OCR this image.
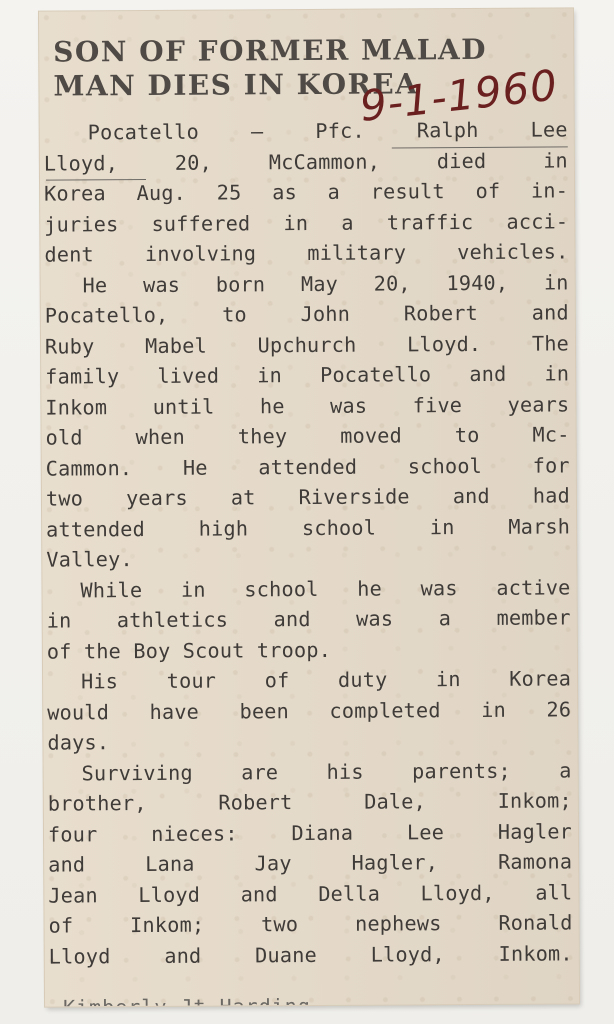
SON OF FORMER MALAD MAN DIES IN KOREA
9-1-1960
Pocatello — Pfc. Ralph Lee
Lloyd, 20, McCammon, died in
Korea Aug. 25 as a result of in-
juries suffered in a traffic acci-
dent involving military vehicles.
He was born May 20, 1940, in
Pocatello, to John Robert and
Ruby Mabel Upchurch Lloyd. The
family lived in Pocatello and in
Inkom until he was five years
old when they moved to Mc-
Cammon. He attended school for
two years at Riverside and had
attended high school in Marsh
Valley.
While in school he was active
in athletics and was a member
of the Boy Scout troop.
His tour of duty in Korea
would have been completed in 26
days.
Surviving are his parents; a
brother, Robert Dale, Inkom;
four nieces: Diana Lee Hagler
and Lana Jay Hagler, Ramona
Jean Lloyd and Della Lloyd, all
of Inkom; two nephews Ronald
Lloyd and Duane Lloyd, Inkom.
